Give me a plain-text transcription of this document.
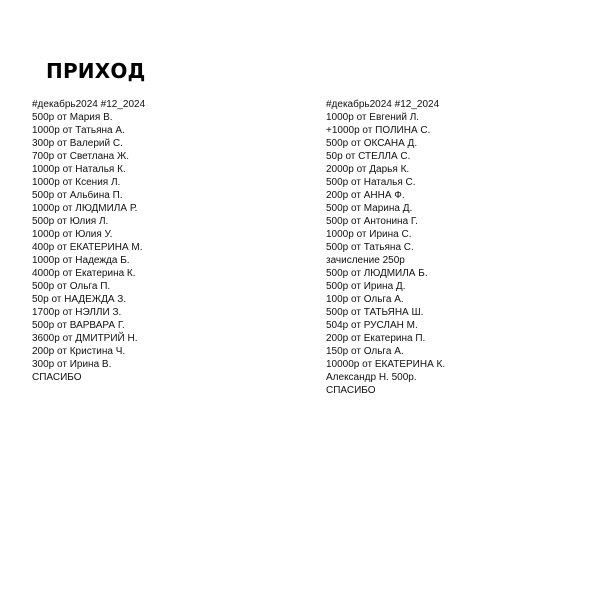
ПРИХОД
#декабрь2024 #12_2024
500р от Мария В.
1000р от Татьяна А.
300р от Валерий С.
700р от Светлана Ж.
1000р от Наталья К.
1000р от Ксения Л.
500р от Альбина П.
1000р от ЛЮДМИЛА Р.
500р от Юлия Л.
1000р от Юлия У.
400р от ЕКАТЕРИНА М.
1000р от Надежда Б.
4000р от Екатерина К.
500р от Ольга П.
50р от НАДЕЖДА З.
1700р от НЭЛЛИ З.
500р от ВАРВАРА Г.
3600р от ДМИТРИЙ Н.
200р от Кристина Ч.
300р от Ирина В.
СПАСИБО
#декабрь2024 #12_2024
1000р от Евгений Л.
+1000р от ПОЛИНА С.
500р от ОКСАНА Д.
50р от СТЕЛЛА С.
2000р от Дарья К.
500р от Наталья С.
200р от АННА Ф.
500р от Марина Д.
500р от Антонина Г.
1000р от Ирина С.
500р от Татьяна С.
зачисление 250р
500р от ЛЮДМИЛА Б.
500р от Ирина Д.
100р от Ольга А.
500р от ТАТЬЯНА Ш.
504р от РУСЛАН М.
200р от Екатерина П.
150р от Ольга А.
10000р от ЕКАТЕРИНА К.
Александр Н. 500р.
СПАСИБО
